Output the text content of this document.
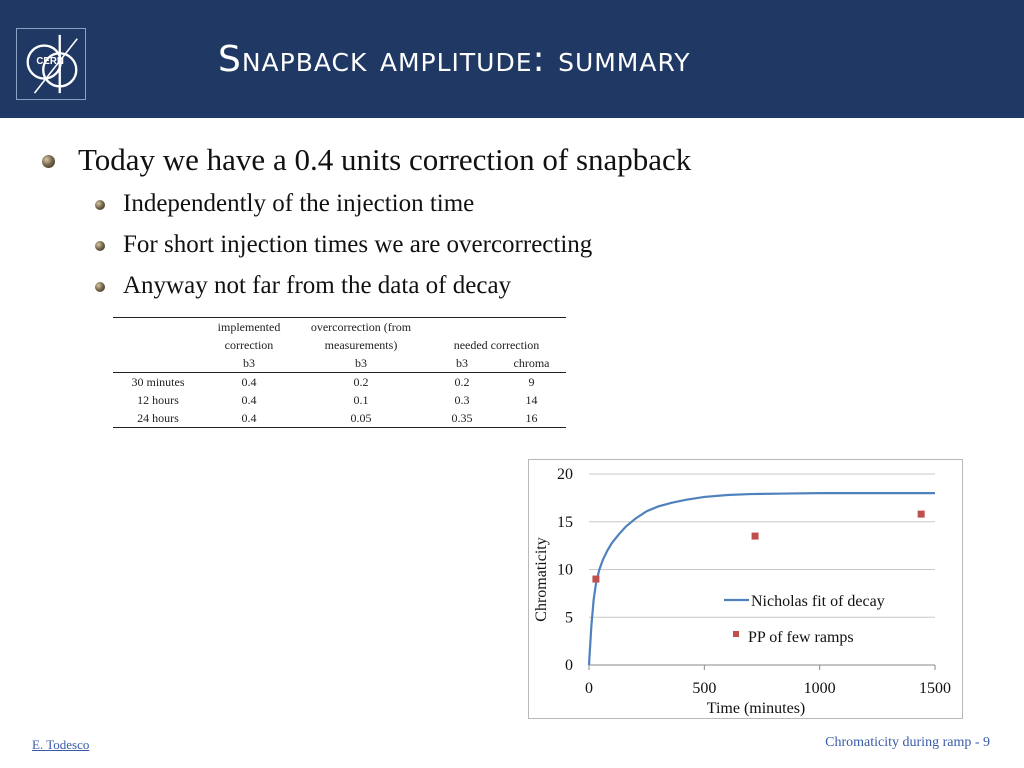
CERN	Snapback amplitude: summary
Today we have a 0.4 units correction of snapback
Independently of the injection time
For short injection times we are overcorrecting
Anyway not far from the data of decay
	implemented	overcorrection (from		
	correction	measurements)	needed correction	
	b3	b3	b3	chroma
30 minutes	0.4	0.2	0.2	9
12 hours	0.4	0.1	0.3	14
24 hours	0.4	0.05	0.35	16
0
5
10
15
20
0	500	1000	1500
Time (minutes)
Chromaticity	Nicholas fit of decay
PP of few ramps
E. Todesco	Chromaticity during ramp - 9
